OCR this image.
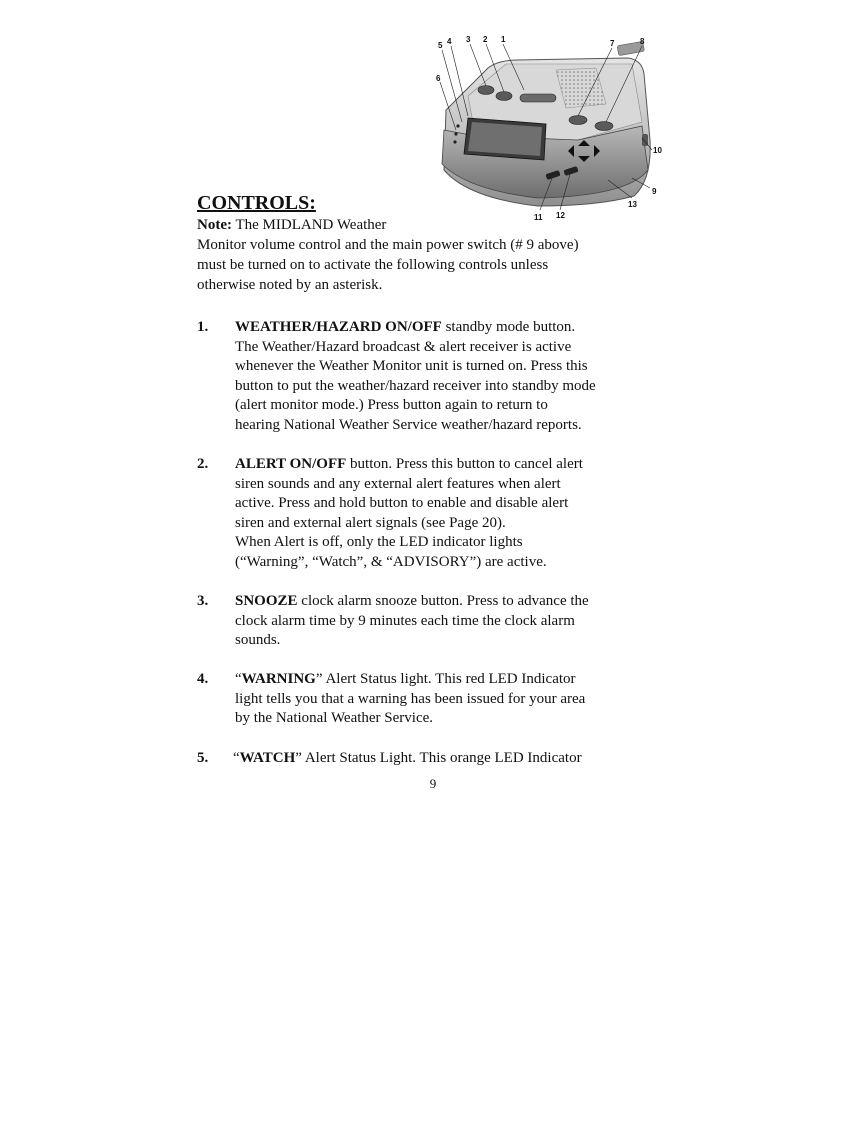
1
2
3
4
5
6
7	8
9
10
11 12
13
CONTROLS:
Note: The MIDLAND Weather
Monitor volume control and the main power switch (# 9 above)
must be turned on to activate the following controls unless
otherwise noted by an asterisk.
1. WEATHER/HAZARD ON/OFF standby mode button.
The Weather/Hazard broadcast & alert receiver is active
whenever the Weather Monitor unit is turned on. Press this
button to put the weather/hazard receiver into standby mode
(alert monitor mode.) Press button again to return to
hearing National Weather Service weather/hazard reports.
2. ALERT ON/OFF button. Press this button to cancel alert
siren sounds and any external alert features when alert
active. Press and hold button to enable and disable alert
siren and external alert signals (see Page 20).
When Alert is off, only the LED indicator lights
(“Warning”, “Watch”, & “ADVISORY”) are active.
3. SNOOZE clock alarm snooze button. Press to advance the
clock alarm time by 9 minutes each time the clock alarm
sounds.
4. “WARNING” Alert Status light. This red LED Indicator
light tells you that a warning has been issued for your area
by the National Weather Service.
5. “WATCH” Alert Status Light. This orange LED Indicator
9
